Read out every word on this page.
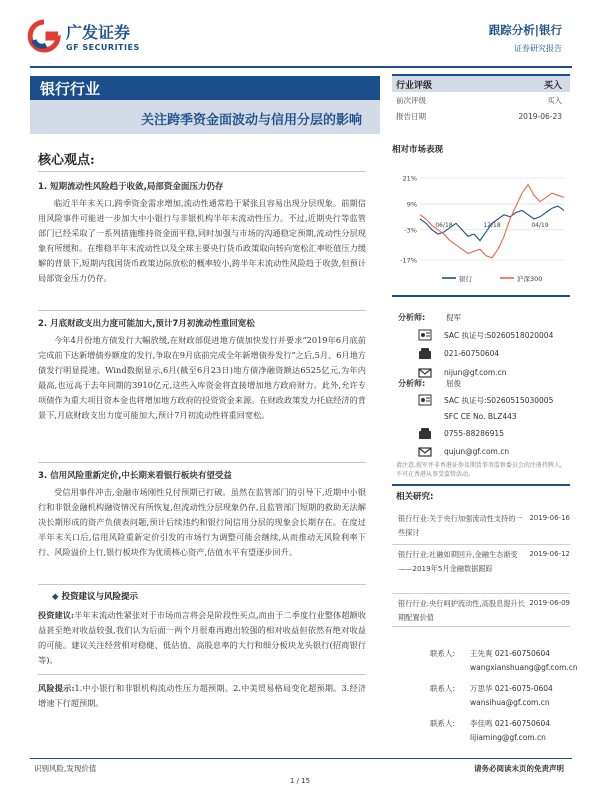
广发证券
GF SECURITIES
跟踪分析|银行
证券研究报告
银行行业
关注跨季资金面波动与信用分层的影响
核心观点:
1. 短期流动性风险趋于收敛,局部资金面压力仍存
临近半年末关口,跨季资金需求增加,流动性通常趋于紧张且容易出现分层现象。前期信用风险事件可能进一步加大中小银行与非银机构半年末流动性压力。不过,近期央行等监管部门已经采取了一系列措施维持资金面平稳,同时加强与市场的沟通稳定预期,流动性分层现象有所缓和。在维稳半年末流动性以及全球主要央行货币政策取向转向宽松汇率贬值压力缓解的背景下,短期内我国货币政策边际放松的概率较小,跨半年末流动性风险趋于收敛,但预计局部资金压力仍存。
2. 月底财政支出力度可能加大,预计7月初流动性重回宽松
今年4月份地方债发行大幅放缓,在财政部促进地方债加快发行并要求“2019年6月底前完成前下达新增债券额度的发行,争取在9月底前完成全年新增债券发行”之后,5月、6月地方债发行明显提速。Wind数据显示,6月(截至6月23日)地方债净融资额达6525亿元,为年内最高,也远高于去年同期的3910亿元,这些入库资金将直接增加地方政府财力。此外,允许专项债作为重大项目资本金也将增加地方政府的投资资金来源。在财政政策发力托底经济的背景下,月底财政支出力度可能加大,预计7月初流动性将重回宽松。
3. 信用风险重新定价,中长期来看银行板块有望受益
受信用事件冲击,金融市场刚性兑付预期已打破。虽然在监管部门的引导下,近期中小银行和非银金融机构融资情况有所恢复,但流动性分层现象仍存,且监管部门短期的救助无法解决长期形成的资产负债表问题,预计后续违约和银行间信用分层的现象会长期存在。在度过半年末关口后,信用风险重新定价引发的市场行为调整可能会继续,从而推动无风险利率下行、风险溢价上行,银行板块作为优质核心资产,估值水平有望逐步回升。
◆ 投资建议与风险提示
投资建议:半年末流动性紧张对于市场而言将会是阶段性买点,而由于二季度行业整体超额收益甚至绝对收益较强,我们认为后面一两个月很难再跑出较强的相对收益但依然有绝对收益的可能。建议关注经营相对稳健、低估值、高股息率的大行和细分板块龙头银行(招商银行等)。
风险提示:1.中小银行和非银机构流动性压力超预期。2.中美贸易格局变化超预期。3.经济增速下行超预期。
行业评级	买入
前次评级	买入
报告日期	2019-06-23
相对市场表现
21%
9%
-3%
-17%
06/18	12/18	04/19
银行	沪深300
分析师:	倪军
SAC 执证号:S0260518020004
021-60750604
nijun@gf.com.cn
分析师:	屈俊
SAC 执证号:S0260515030005
SFC CE No. BLZ443
0755-88286915
qujun@gf.com.cn
请注意,倪军并非香港证券及期货事务监察委员会的注册持牌人,不可在香港从事受监管活动。
相关研究:
银行行业:关于央行加强流动性支持的一些探讨
2019-06-16
银行行业:社融如期回升,金融生态渐变——2019年5月金融数据跟踪
2019-06-12
银行行业:央行呵护流动性,高股息提升长期配置价值
2019-06-09
联系人: 王先爽 021-60750604
wangxianshuang@gf.com.cn
联系人: 万思华 021-6075-0604
wansihua@gf.com.cn
联系人: 李佳鸣 021-60750604
lijiaming@gf.com.cn
识别风险,发现价值	请务必阅读末页的免责声明
1 / 15
